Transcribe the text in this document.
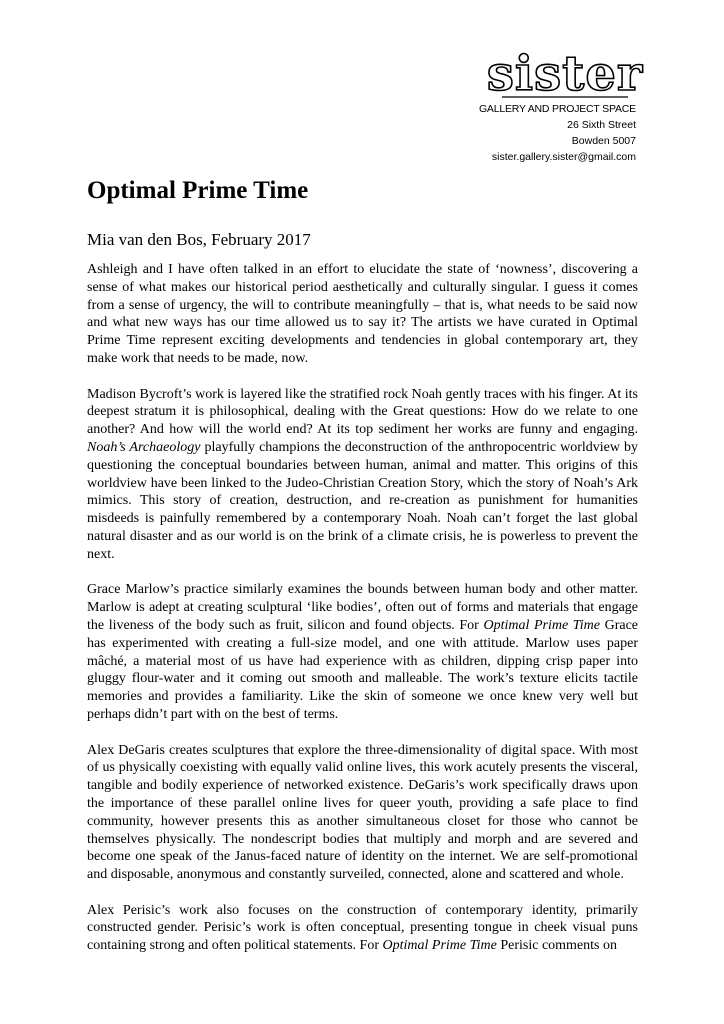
sister
GALLERY AND PROJECT SPACE
26 Sixth Street
Bowden 5007
sister.gallery.sister@gmail.com
Optimal Prime Time

Mia van den Bos, February 2017

Ashleigh and I have often talked in an effort to elucidate the state of ‘nowness’, discovering a sense of what makes our historical period aesthetically and culturally singular. I guess it comes from a sense of urgency, the will to contribute meaningfully – that is, what needs to be said now and what new ways has our time allowed us to say it? The artists we have curated in Optimal Prime Time represent exciting developments and tendencies in global contemporary art, they make work that needs to be made, now.

Madison Bycroft’s work is layered like the stratified rock Noah gently traces with his finger. At its deepest stratum it is philosophical, dealing with the Great questions: How do we relate to one another? And how will the world end? At its top sediment her works are funny and engaging. Noah’s Archaeology playfully champions the deconstruction of the anthropocentric worldview by questioning the conceptual boundaries between human, animal and matter. This origins of this worldview have been linked to the Judeo-Christian Creation Story, which the story of Noah’s Ark mimics. This story of creation, destruction, and re-creation as punishment for humanities misdeeds is painfully remembered by a contemporary Noah. Noah can’t forget the last global natural disaster and as our world is on the brink of a climate crisis, he is powerless to prevent the next.

Grace Marlow’s practice similarly examines the bounds between human body and other matter. Marlow is adept at creating sculptural ‘like bodies’, often out of forms and materials that engage the liveness of the body such as fruit, silicon and found objects. For Optimal Prime Time Grace has experimented with creating a full-size model, and one with attitude. Marlow uses paper mâché, a material most of us have had experience with as children, dipping crisp paper into gluggy flour-water and it coming out smooth and malleable. The work’s texture elicits tactile memories and provides a familiarity. Like the skin of someone we once knew very well but perhaps didn’t part with on the best of terms.

Alex DeGaris creates sculptures that explore the three-dimensionality of digital space. With most of us physically coexisting with equally valid online lives, this work acutely presents the visceral, tangible and bodily experience of networked existence. DeGaris’s work specifically draws upon the importance of these parallel online lives for queer youth, providing a safe place to find community, however presents this as another simultaneous closet for those who cannot be themselves physically. The nondescript bodies that multiply and morph and are severed and become one speak of the Janus-faced nature of identity on the internet. We are self-promotional and disposable, anonymous and constantly surveiled, connected, alone and scattered and whole.

Alex Perisic’s work also focuses on the construction of contemporary identity, primarily constructed gender. Perisic’s work is often conceptual, presenting tongue in cheek visual puns containing strong and often political statements. For Optimal Prime Time Perisic comments on
